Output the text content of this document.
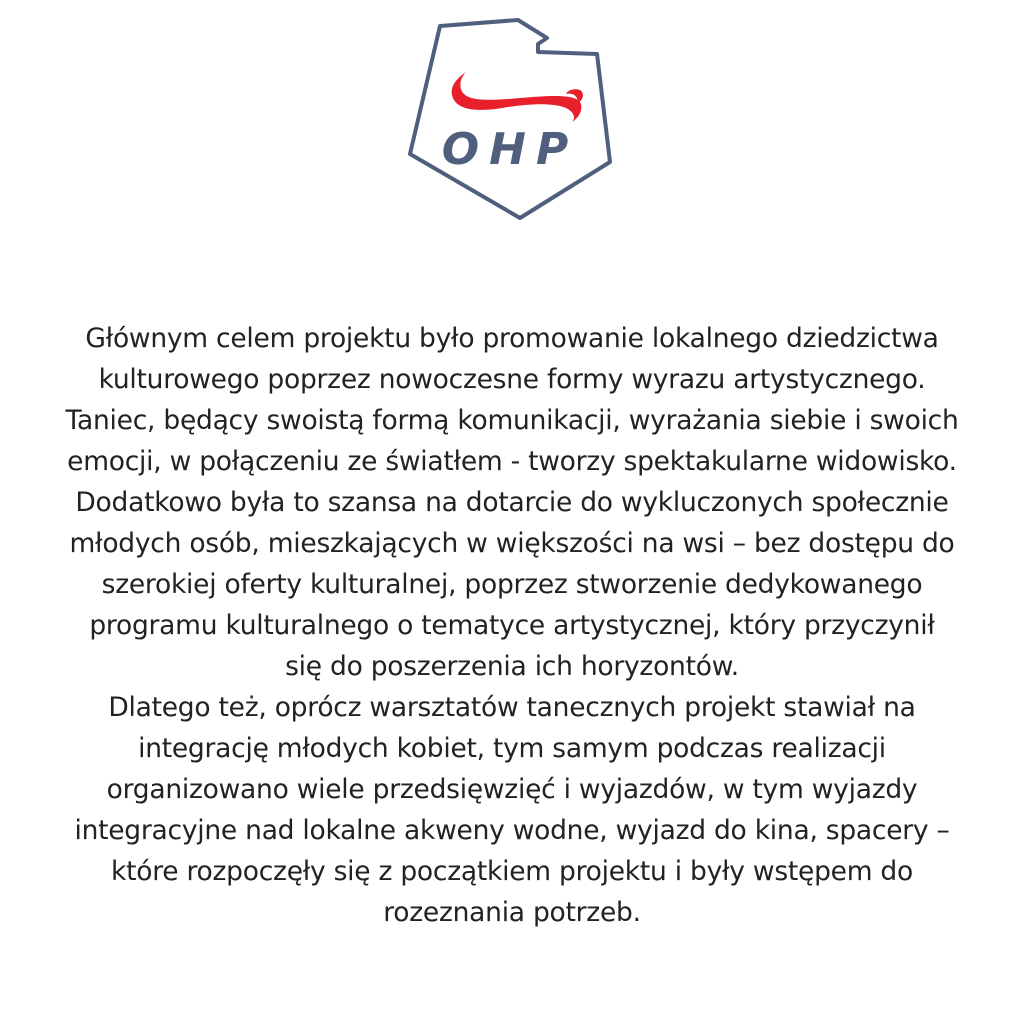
OHP

Głównym celem projektu było promowanie lokalnego dziedzictwa
kulturowego poprzez nowoczesne formy wyrazu artystycznego.
Taniec, będący swoistą formą komunikacji, wyrażania siebie i swoich
emocji, w połączeniu ze światłem - tworzy spektakularne widowisko.
Dodatkowo była to szansa na dotarcie do wykluczonych społecznie
młodych osób, mieszkających w większości na wsi – bez dostępu do
szerokiej oferty kulturalnej, poprzez stworzenie dedykowanego
programu kulturalnego o tematyce artystycznej, który przyczynił
się do poszerzenia ich horyzontów.
Dlatego też, oprócz warsztatów tanecznych projekt stawiał na
integrację młodych kobiet, tym samym podczas realizacji
organizowano wiele przedsięwzięć i wyjazdów, w tym wyjazdy
integracyjne nad lokalne akweny wodne, wyjazd do kina, spacery –
które rozpoczęły się z początkiem projektu i były wstępem do
rozeznania potrzeb.
